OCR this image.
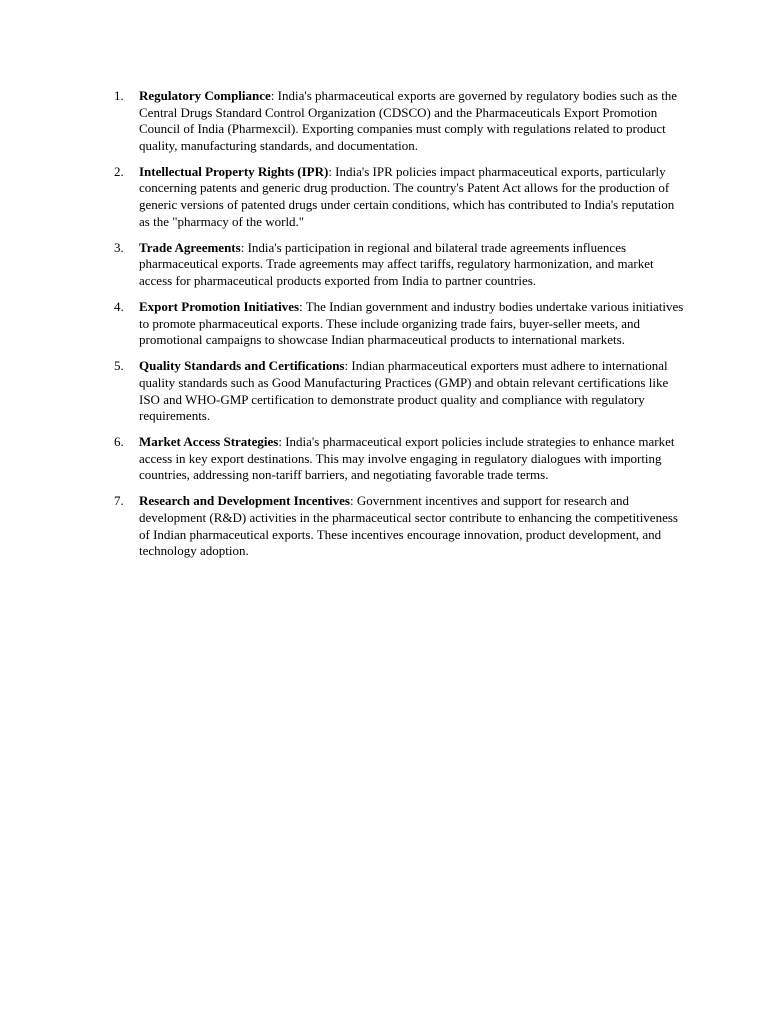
1.	Regulatory Compliance: India's pharmaceutical exports are governed by regulatory bodies such as the Central Drugs Standard Control Organization (CDSCO) and the Pharmaceuticals Export Promotion Council of India (Pharmexcil). Exporting companies must comply with regulations related to product quality, manufacturing standards, and documentation.
2.	Intellectual Property Rights (IPR): India's IPR policies impact pharmaceutical exports, particularly concerning patents and generic drug production. The country's Patent Act allows for the production of generic versions of patented drugs under certain conditions, which has contributed to India's reputation as the "pharmacy of the world."
3.	Trade Agreements: India's participation in regional and bilateral trade agreements influences pharmaceutical exports. Trade agreements may affect tariffs, regulatory harmonization, and market access for pharmaceutical products exported from India to partner countries.
4.	Export Promotion Initiatives: The Indian government and industry bodies undertake various initiatives to promote pharmaceutical exports. These include organizing trade fairs, buyer-seller meets, and promotional campaigns to showcase Indian pharmaceutical products to international markets.
5.	Quality Standards and Certifications: Indian pharmaceutical exporters must adhere to international quality standards such as Good Manufacturing Practices (GMP) and obtain relevant certifications like ISO and WHO-GMP certification to demonstrate product quality and compliance with regulatory requirements.
6.	Market Access Strategies: India's pharmaceutical export policies include strategies to enhance market access in key export destinations. This may involve engaging in regulatory dialogues with importing countries, addressing non-tariff barriers, and negotiating favorable trade terms.
7.	Research and Development Incentives: Government incentives and support for research and development (R&D) activities in the pharmaceutical sector contribute to enhancing the competitiveness of Indian pharmaceutical exports. These incentives encourage innovation, product development, and technology adoption.
